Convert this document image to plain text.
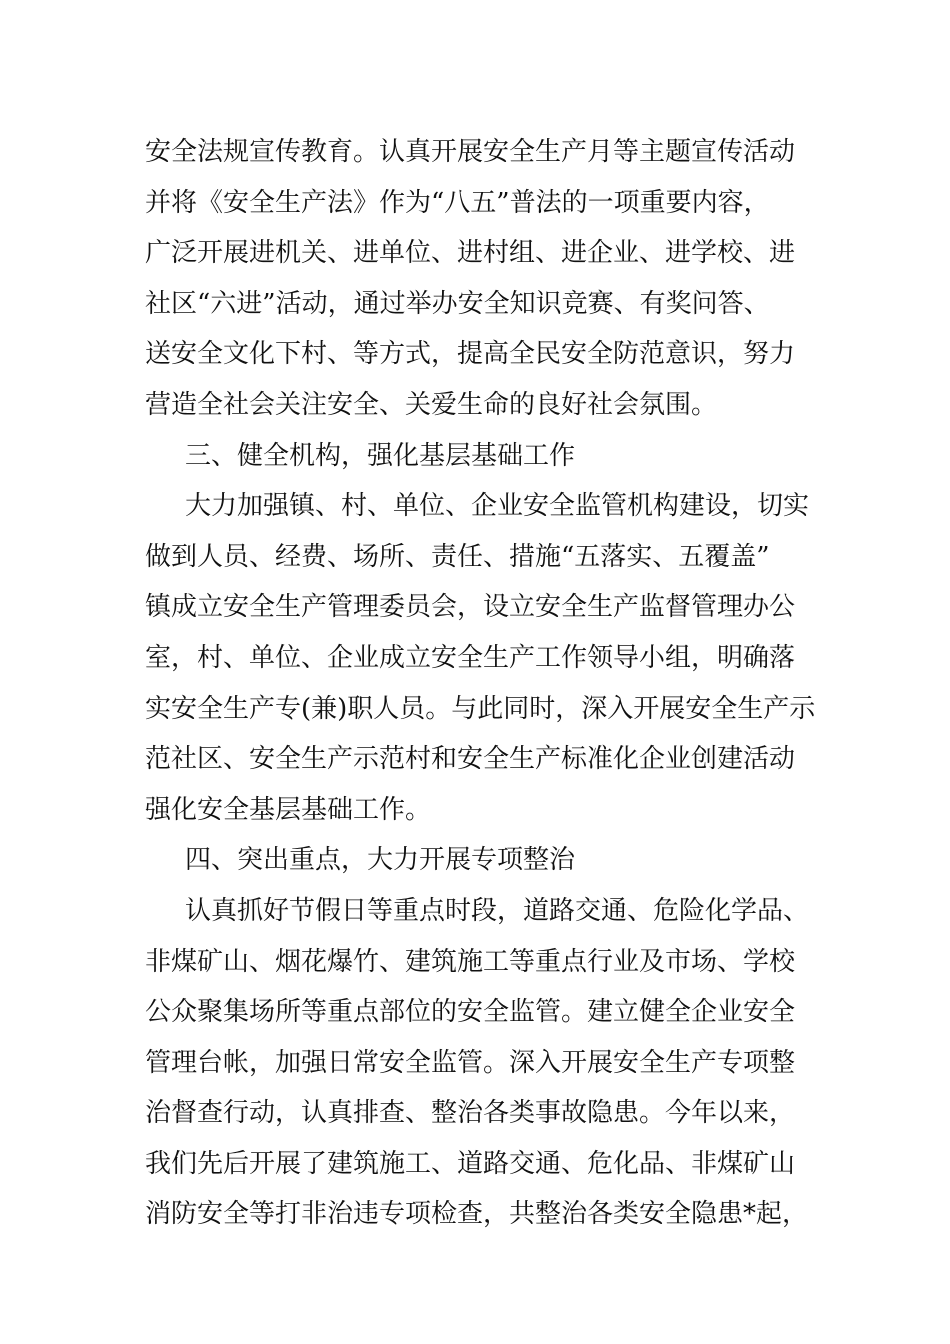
安全法规宣传教育。认真开展安全生产月等主题宣传活动
并将《安全生产法》作为“八五”普法的一项重要内容，
广泛开展进机关、进单位、进村组、进企业、进学校、进
社区“六进”活动，通过举办安全知识竞赛、有奖问答、
送安全文化下村、等方式，提高全民安全防范意识，努力
营造全社会关注安全、关爱生命的良好社会氛围。
三、健全机构，强化基层基础工作
大力加强镇、村、单位、企业安全监管机构建设，切实
做到人员、经费、场所、责任、措施“五落实、五覆盖”
镇成立安全生产管理委员会，设立安全生产监督管理办公
室，村、单位、企业成立安全生产工作领导小组，明确落
实安全生产专(兼)职人员。与此同时，深入开展安全生产示
范社区、安全生产示范村和安全生产标准化企业创建活动
强化安全基层基础工作。
四、突出重点，大力开展专项整治
认真抓好节假日等重点时段，道路交通、危险化学品、
非煤矿山、烟花爆竹、建筑施工等重点行业及市场、学校
公众聚集场所等重点部位的安全监管。建立健全企业安全
管理台帐，加强日常安全监管。深入开展安全生产专项整
治督查行动，认真排查、整治各类事故隐患。今年以来，
我们先后开展了建筑施工、道路交通、危化品、非煤矿山
消防安全等打非治违专项检查，共整治各类安全隐患*起，
